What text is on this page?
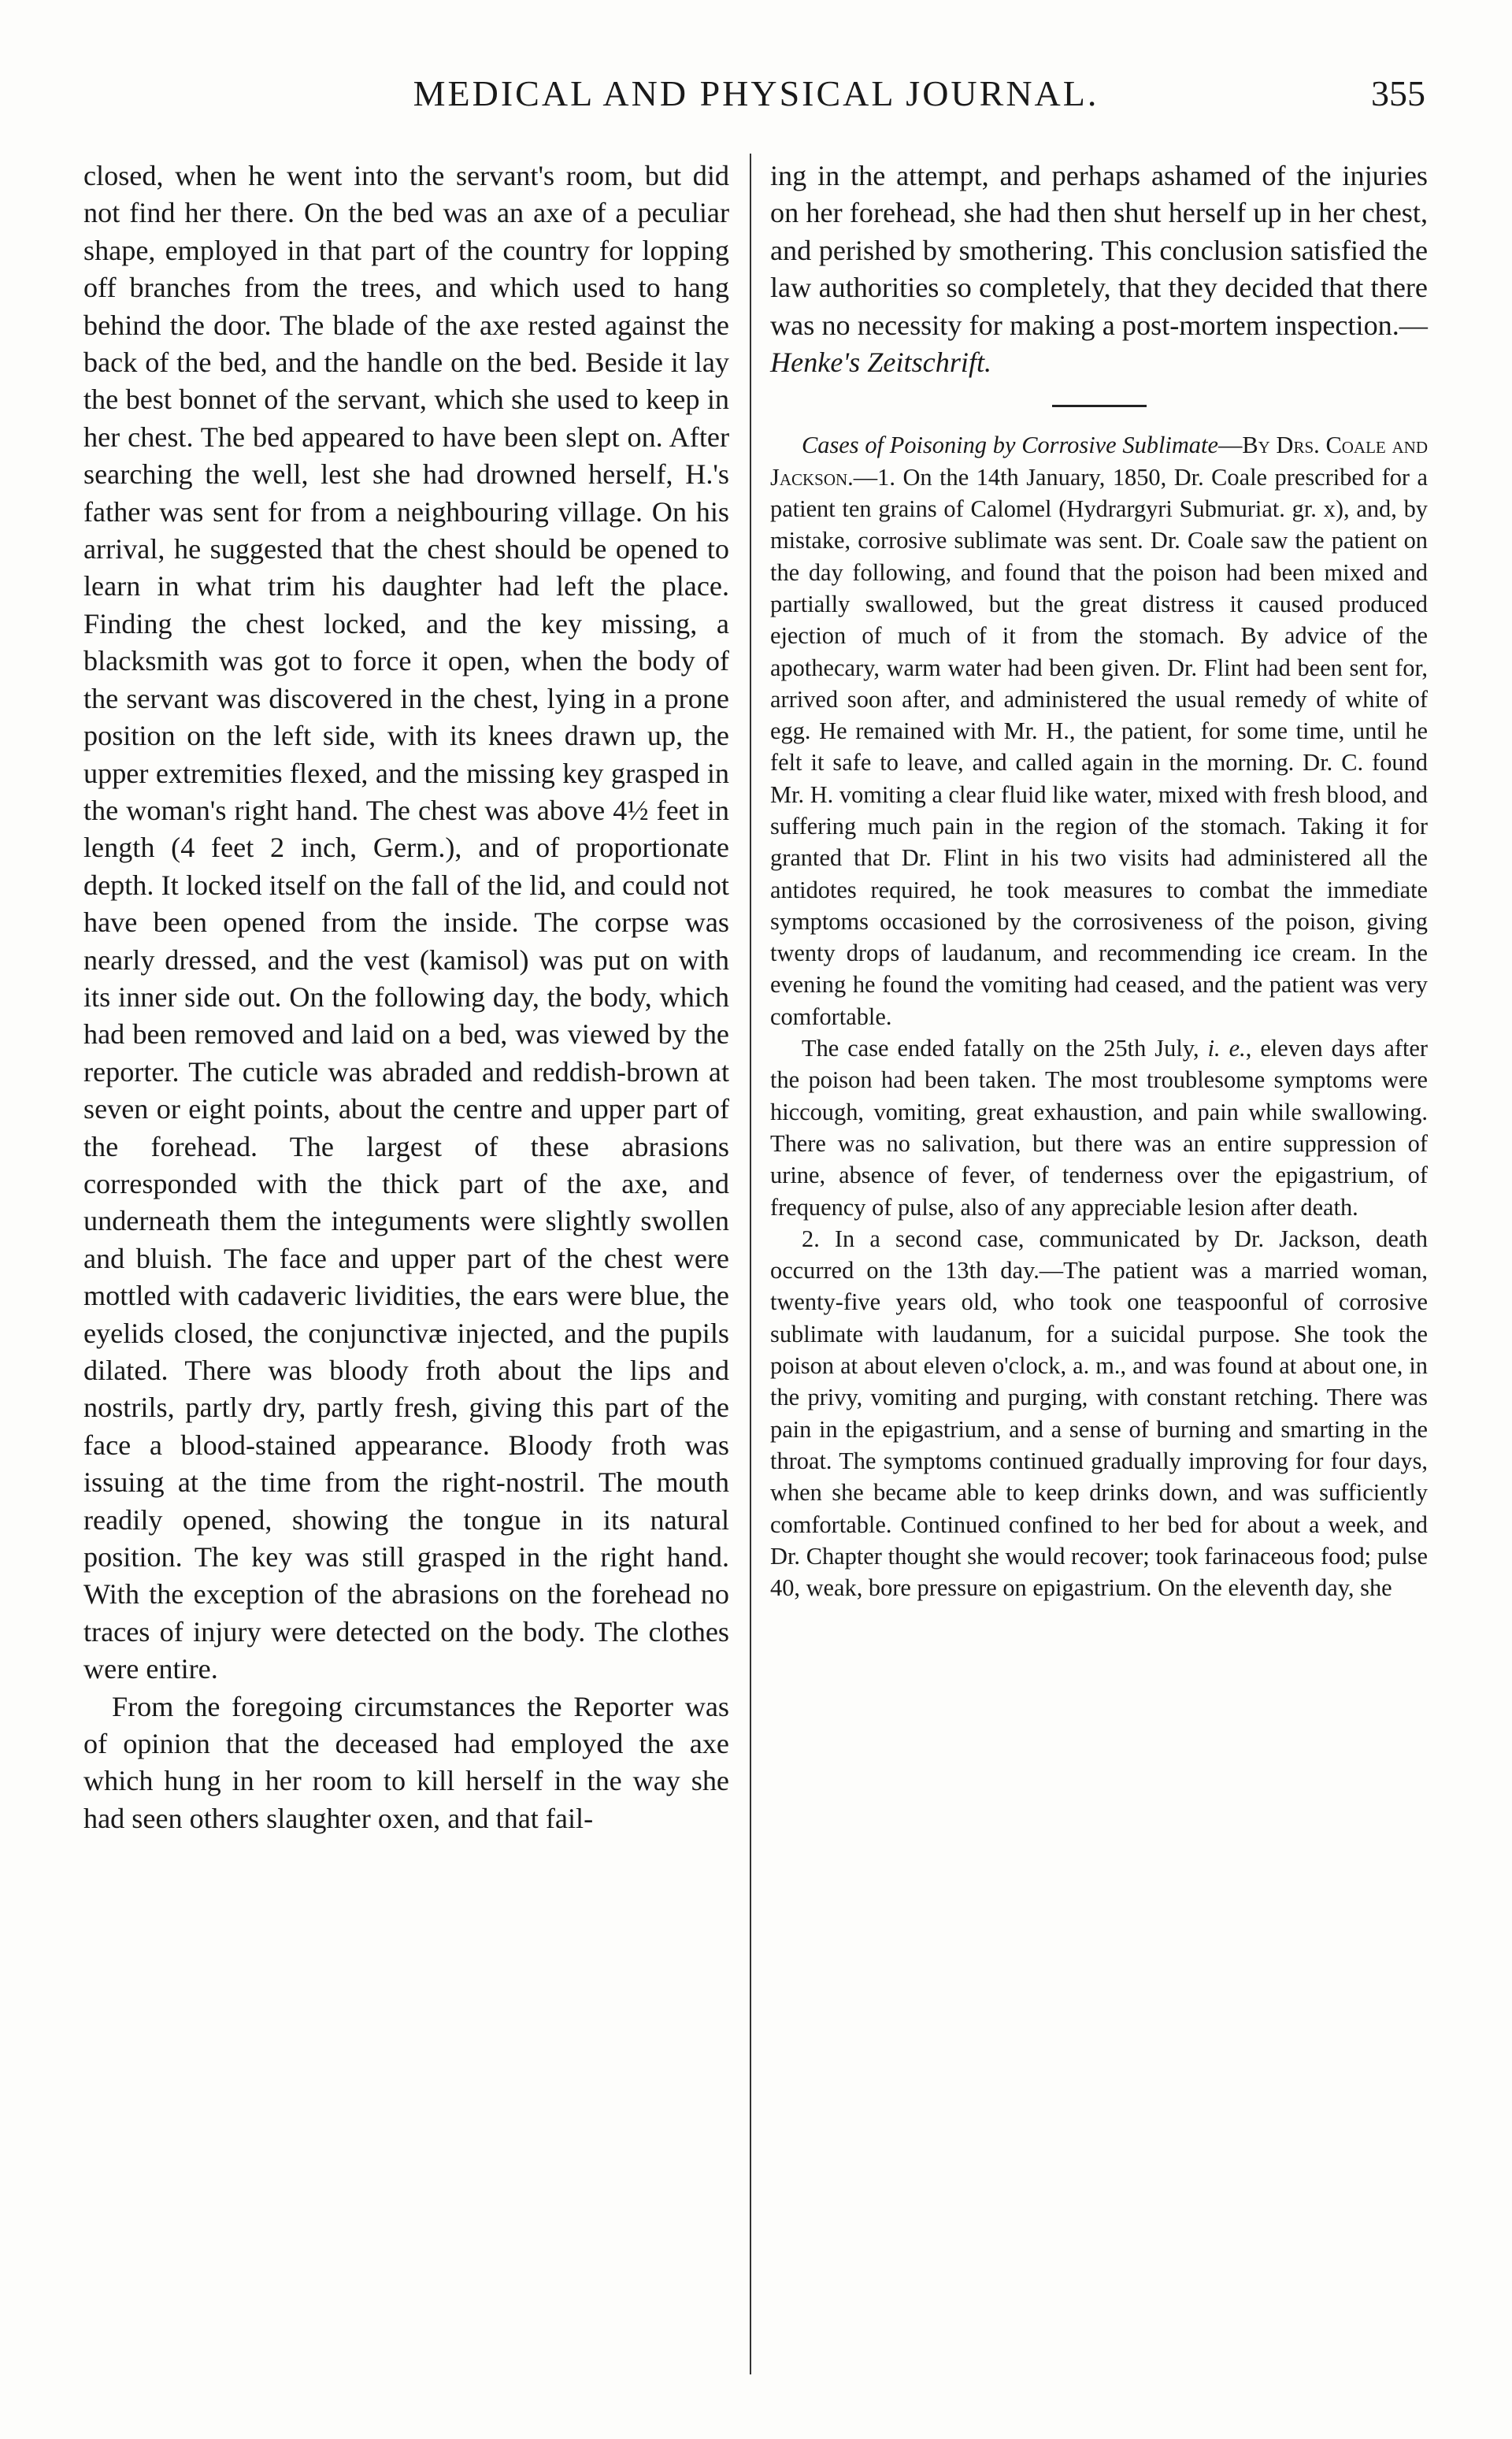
MEDICAL AND PHYSICAL JOURNAL.	355

closed, when he went into the servant's room, but did not find her there. On the bed was an axe of a peculiar shape, employed in that part of the country for lopping off branches from the trees, and which used to hang behind the door. The blade of the axe rested against the back of the bed, and the handle on the bed. Beside it lay the best bonnet of the servant, which she used to keep in her chest. The bed appeared to have been slept on. After searching the well, lest she had drowned herself, H.'s father was sent for from a neighbouring village. On his arrival, he suggested that the chest should be opened to learn in what trim his daughter had left the place. Finding the chest locked, and the key missing, a blacksmith was got to force it open, when the body of the servant was discovered in the chest, lying in a prone position on the left side, with its knees drawn up, the upper extremities flexed, and the missing key grasped in the woman's right hand. The chest was above 4½ feet in length (4 feet 2 inch, Germ.), and of proportionate depth. It locked itself on the fall of the lid, and could not have been opened from the inside. The corpse was nearly dressed, and the vest (kamisol) was put on with its inner side out. On the following day, the body, which had been removed and laid on a bed, was viewed by the reporter. The cuticle was abraded and reddish-brown at seven or eight points, about the centre and upper part of the forehead. The largest of these abrasions corresponded with the thick part of the axe, and underneath them the integuments were slightly swollen and bluish. The face and upper part of the chest were mottled with cadaveric lividities, the ears were blue, the eyelids closed, the conjunctivæ injected, and the pupils dilated. There was bloody froth about the lips and nostrils, partly dry, partly fresh, giving this part of the face a blood-stained appearance. Bloody froth was issuing at the time from the right-nostril. The mouth readily opened, showing the tongue in its natural position. The key was still grasped in the right hand. With the exception of the abrasions on the forehead no traces of injury were detected on the body. The clothes were entire.

From the foregoing circumstances the Reporter was of opinion that the deceased had employed the axe which hung in her room to kill herself in the way she had seen others slaughter oxen, and that fail-

ing in the attempt, and perhaps ashamed of the injuries on her forehead, she had then shut herself up in her chest, and perished by smothering. This conclusion satisfied the law authorities so completely, that they decided that there was no necessity for making a post-mortem inspection.—Henke's Zeitschrift.

Cases of Poisoning by Corrosive Sublimate—By Drs. Coale and Jackson.—1. On the 14th January, 1850, Dr. Coale prescribed for a patient ten grains of Calomel (Hydrargyri Submuriat. gr. x), and, by mistake, corrosive sublimate was sent. Dr. Coale saw the patient on the day following, and found that the poison had been mixed and partially swallowed, but the great distress it caused produced ejection of much of it from the stomach. By advice of the apothecary, warm water had been given. Dr. Flint had been sent for, arrived soon after, and administered the usual remedy of white of egg. He remained with Mr. H., the patient, for some time, until he felt it safe to leave, and called again in the morning. Dr. C. found Mr. H. vomiting a clear fluid like water, mixed with fresh blood, and suffering much pain in the region of the stomach. Taking it for granted that Dr. Flint in his two visits had administered all the antidotes required, he took measures to combat the immediate symptoms occasioned by the corrosiveness of the poison, giving twenty drops of laudanum, and recommending ice cream. In the evening he found the vomiting had ceased, and the patient was very comfortable.

The case ended fatally on the 25th July, i. e., eleven days after the poison had been taken. The most troublesome symptoms were hiccough, vomiting, great exhaustion, and pain while swallowing. There was no salivation, but there was an entire suppression of urine, absence of fever, of tenderness over the epigastrium, of frequency of pulse, also of any appreciable lesion after death.

2. In a second case, communicated by Dr. Jackson, death occurred on the 13th day.—The patient was a married woman, twenty-five years old, who took one teaspoonful of corrosive sublimate with laudanum, for a suicidal purpose. She took the poison at about eleven o'clock, a. m., and was found at about one, in the privy, vomiting and purging, with constant retching. There was pain in the epigastrium, and a sense of burning and smarting in the throat. The symptoms continued gradually improving for four days, when she became able to keep drinks down, and was sufficiently comfortable. Continued confined to her bed for about a week, and Dr. Chapter thought she would recover; took farinaceous food; pulse 40, weak, bore pressure on epigastrium. On the eleventh day, she
